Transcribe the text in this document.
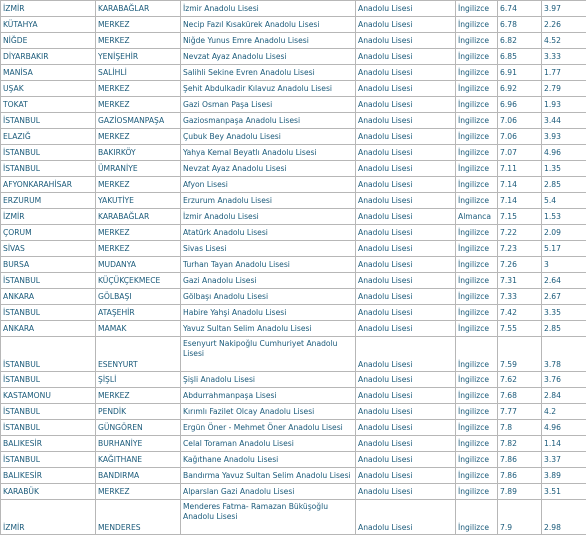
İZMİR	KARABAĞLAR	İzmir Anadolu Lisesi	Anadolu Lisesi	İngilizce	6.74	3.97
KÜTAHYA	MERKEZ	Necip Fazıl Kısakürek Anadolu Lisesi	Anadolu Lisesi	İngilizce	6.78	2.26
NİĞDE	MERKEZ	Niğde Yunus Emre Anadolu Lisesi	Anadolu Lisesi	İngilizce	6.82	4.52
DİYARBAKIR	YENİŞEHİR	Nevzat Ayaz Anadolu Lisesi	Anadolu Lisesi	İngilizce	6.85	3.33
MANİSA	SALİHLİ	Salihli Sekine Evren Anadolu Lisesi	Anadolu Lisesi	İngilizce	6.91	1.77
UŞAK	MERKEZ	Şehit Abdulkadir Kılavuz Anadolu Lisesi	Anadolu Lisesi	İngilizce	6.92	2.79
TOKAT	MERKEZ	Gazi Osman Paşa Lisesi	Anadolu Lisesi	İngilizce	6.96	1.93
İSTANBUL	GAZİOSMANPAŞA	Gaziosmanpaşa Anadolu Lisesi	Anadolu Lisesi	İngilizce	7.06	3.44
ELAZIĞ	MERKEZ	Çubuk Bey Anadolu Lisesi	Anadolu Lisesi	İngilizce	7.06	3.93
İSTANBUL	BAKIRKÖY	Yahya Kemal Beyatlı Anadolu Lisesi	Anadolu Lisesi	İngilizce	7.07	4.96
İSTANBUL	ÜMRANİYE	Nevzat Ayaz Anadolu Lisesi	Anadolu Lisesi	İngilizce	7.11	1.35
AFYONKARAHİSAR	MERKEZ	Afyon Lisesi	Anadolu Lisesi	İngilizce	7.14	2.85
ERZURUM	YAKUTİYE	Erzurum Anadolu Lisesi	Anadolu Lisesi	İngilizce	7.14	5.4
İZMİR	KARABAĞLAR	İzmir Anadolu Lisesi	Anadolu Lisesi	Almanca	7.15	1.53
ÇORUM	MERKEZ	Atatürk Anadolu Lisesi	Anadolu Lisesi	İngilizce	7.22	2.09
SİVAS	MERKEZ	Sivas Lisesi	Anadolu Lisesi	İngilizce	7.23	5.17
BURSA	MUDANYA	Turhan Tayan Anadolu Lisesi	Anadolu Lisesi	İngilizce	7.26	3
İSTANBUL	KÜÇÜKÇEKMECE	Gazi Anadolu Lisesi	Anadolu Lisesi	İngilizce	7.31	2.64
ANKARA	GÖLBAŞI	Gölbaşı Anadolu Lisesi	Anadolu Lisesi	İngilizce	7.33	2.67
İSTANBUL	ATAŞEHİR	Habire Yahşi Anadolu Lisesi	Anadolu Lisesi	İngilizce	7.42	3.35
ANKARA	MAMAK	Yavuz Sultan Selim Anadolu Lisesi	Anadolu Lisesi	İngilizce	7.55	2.85
İSTANBUL	ESENYURT	Esenyurt Nakipoğlu Cumhuriyet Anadolu Lisesi	Anadolu Lisesi	İngilizce	7.59	3.78
İSTANBUL	ŞİŞLİ	Şişli Anadolu Lisesi	Anadolu Lisesi	İngilizce	7.62	3.76
KASTAMONU	MERKEZ	Abdurrahmanpaşa Lisesi	Anadolu Lisesi	İngilizce	7.68	2.84
İSTANBUL	PENDİK	Kırımlı Fazilet Olcay Anadolu Lisesi	Anadolu Lisesi	İngilizce	7.77	4.2
İSTANBUL	GÜNGÖREN	Ergün Öner - Mehmet Öner Anadolu Lisesi	Anadolu Lisesi	İngilizce	7.8	4.96
BALIKESİR	BURHANİYE	Celal Toraman Anadolu Lisesi	Anadolu Lisesi	İngilizce	7.82	1.14
İSTANBUL	KAĞITHANE	Kağıthane Anadolu Lisesi	Anadolu Lisesi	İngilizce	7.86	3.37
BALIKESİR	BANDIRMA	Bandırma Yavuz Sultan Selim Anadolu Lisesi	Anadolu Lisesi	İngilizce	7.86	3.89
KARABÜK	MERKEZ	Alparslan Gazi Anadolu Lisesi	Anadolu Lisesi	İngilizce	7.89	3.51
İZMİR	MENDERES	Menderes Fatma- Ramazan Büküşoğlu Anadolu Lisesi	Anadolu Lisesi	İngilizce	7.9	2.98
